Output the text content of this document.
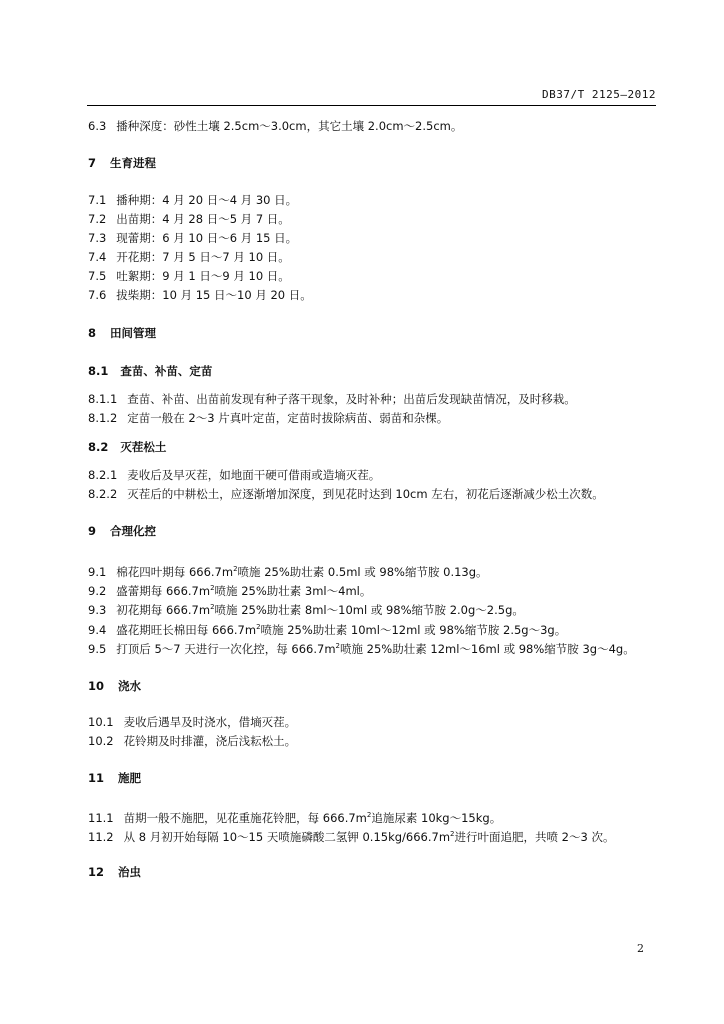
DB37/T 2125—2012
6.3 播种深度：砂性土壤 2.5cm～3.0cm，其它土壤 2.0cm～2.5cm。
7 生育进程
7.1 播种期：4 月 20 日～4 月 30 日。
7.2 出苗期：4 月 28 日～5 月 7 日。
7.3 现蕾期：6 月 10 日～6 月 15 日。
7.4 开花期：7 月 5 日～7 月 10 日。
7.5 吐絮期：9 月 1 日～9 月 10 日。
7.6 拔柴期：10 月 15 日～10 月 20 日。
8 田间管理
8.1 查苗、补苗、定苗
8.1.1 查苗、补苗、出苗前发现有种子落干现象，及时补种；出苗后发现缺苗情况，及时移栽。
8.1.2 定苗一般在 2～3 片真叶定苗，定苗时拔除病苗、弱苗和杂棵。
8.2 灭茬松土
8.2.1 麦收后及早灭茬，如地面干硬可借雨或造墒灭茬。
8.2.2 灭茬后的中耕松土，应逐渐增加深度，到见花时达到 10cm 左右，初花后逐渐减少松土次数。
9 合理化控
9.1 棉花四叶期每 $666.7m^2$喷施 25%助壮素 0.5ml 或 98%缩节胺 0.13g。
9.2 盛蕾期每 $666.7m^2$喷施 25%助壮素 3ml～4ml。
9.3 初花期每 $666.7m^2$喷施 25%助壮素 8ml～10ml 或 98%缩节胺 2.0g～2.5g。
9.4 盛花期旺长棉田每 $666.7m^2$喷施 25%助壮素 10ml～12ml 或 98%缩节胺 2.5g～3g。
9.5 打顶后 5～7 天进行一次化控，每 $666.7m^2$喷施 25%助壮素 12ml～16ml 或 98%缩节胺 3g～4g。
10 浇水
10.1 麦收后遇旱及时浇水，借墒灭茬。
10.2 花铃期及时排灌，浇后浅耘松土。
11 施肥
11.1 苗期一般不施肥，见花重施花铃肥，每 $666.7m^2$追施尿素 10kg～15kg。
11.2 从 8 月初开始每隔 10～15 天喷施磷酸二氢钾 $0.15kg/666.7m^2$进行叶面追肥，共喷 2～3 次。
12 治虫
2
